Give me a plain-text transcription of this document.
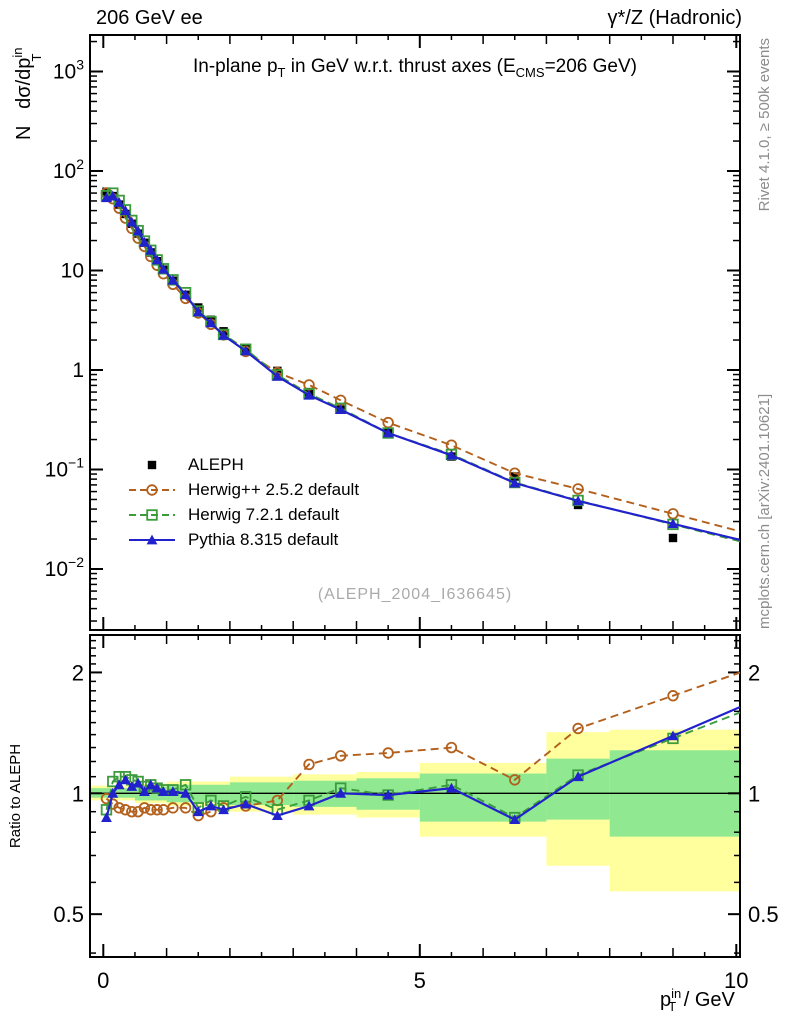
206 GeV ee	γ*/Z (Hadronic)
0	5	10
$10^3$
$10^2$
10
1
$10^{-1}$
$10^{-2}$
2	2
1	1
0.5	0.5
N   $d\sigma/dp^{in}$ T
$p^{in}$ T / GeV
Ratio to ALEPH
Rivet 4.1.0, ≥ 500k events
mcplots.cern.ch [arXiv:2401.10621]
In-plane $p_T$ in GeV w.r.t. thrust axes ($E_{CMS}=206$ GeV)
(ALEPH_2004_I636645)
ALEPH
Herwig++ 2.5.2 default
Herwig 7.2.1 default
Pythia 8.315 default
